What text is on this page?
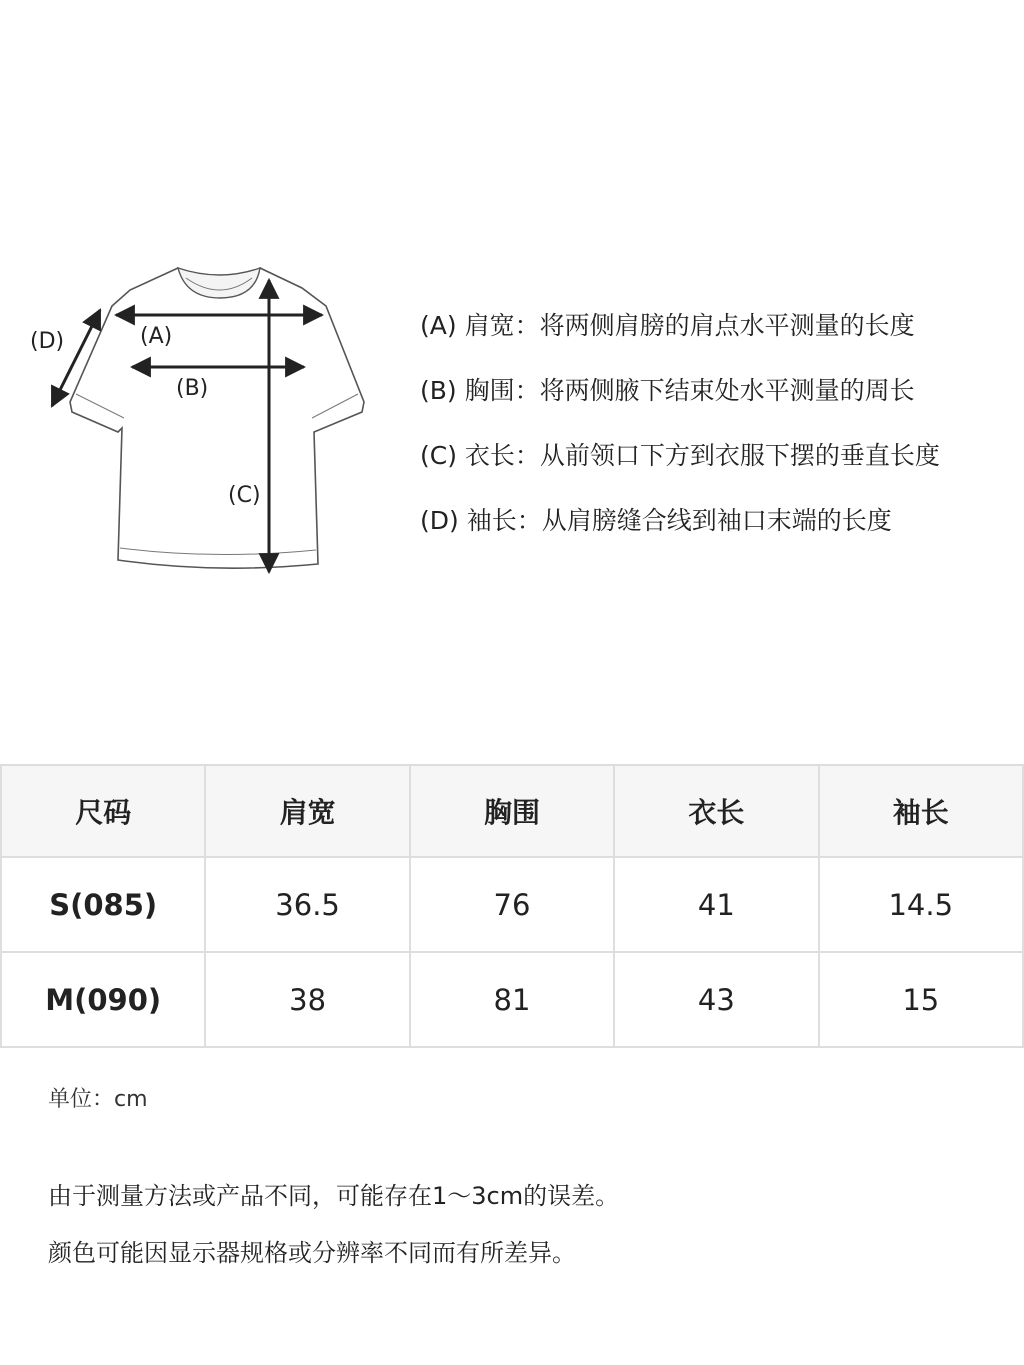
(A)
(B)
(C)
(D)
(A) 肩宽：将两侧肩膀的肩点水平测量的长度
(B) 胸围：将两侧腋下结束处水平测量的周长
(C) 衣长：从前领口下方到衣服下摆的垂直长度
(D) 袖长：从肩膀缝合线到袖口末端的长度
尺码	肩宽	胸围	衣长	袖长
S(085)	36.5	76	41	14.5
M(090)	38	81	43	15
单位：cm
由于测量方法或产品不同，可能存在1～3cm的误差。
颜色可能因显示器规格或分辨率不同而有所差异。
